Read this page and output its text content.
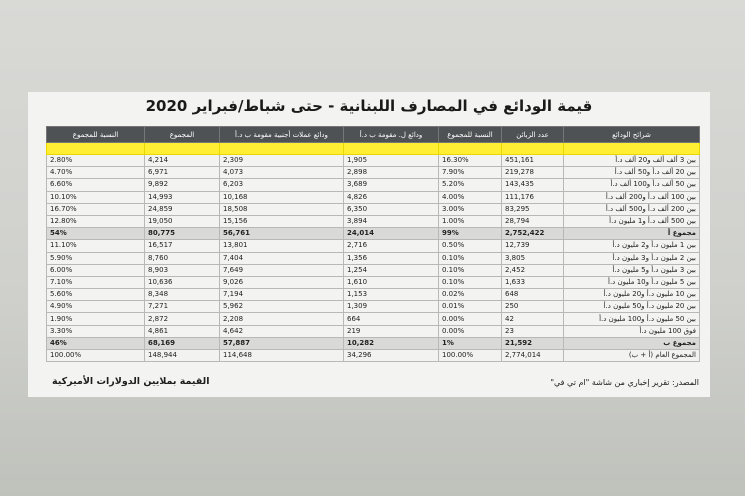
قيمة الودائع في المصارف اللبنانية - حتى شباط/فبراير 2020
شرائح الودائع	عدد الزبائن	النسبة للمجموع	ودائع ل. مقومة ب د.أ	ودائع عملات أجنبية مقومة ب د.أ	المجموع	النسبة للمجموع

بين 3 ألف ألف و20 ألف د.أ	451,161	16.30%	1,905	2,309	4,214	2.80%
بين 20 ألف د.أ و50 ألف د.أ	219,278	7.90%	2,898	4,073	6,971	4.70%
بين 50 ألف د.أ و100 ألف د.أ	143,435	5.20%	3,689	6,203	9,892	6.60%
بين 100 ألف د.أ و200 ألف د.أ	111,176	4.00%	4,826	10,168	14,993	10.10%
بين 200 ألف د.أ و500 ألف د.أ	83,295	3.00%	6,350	18,508	24,859	16.70%
بين 500 ألف د.أ و1 مليون د.أ	28,794	1.00%	3,894	15,156	19,050	12.80%
مجموع أ	2,752,422	99%	24,014	56,761	80,775	54%
بين 1 مليون د.أ و2 مليون د.أ	12,739	0.50%	2,716	13,801	16,517	11.10%
بين 2 مليون د.أ و3 مليون د.أ	3,805	0.10%	1,356	7,404	8,760	5.90%
بين 3 مليون د.أ و5 مليون د.أ	2,452	0.10%	1,254	7,649	8,903	6.00%
بين 5 مليون د.أ و10 مليون د.أ	1,633	0.10%	1,610	9,026	10,636	7.10%
بين 10 مليون د.أ و20 مليون د.أ	648	0.02%	1,153	7,194	8,348	5.60%
بين 20 مليون د.أ و50 مليون د.أ	250	0.01%	1,309	5,962	7,271	4.90%
بين 50 مليون د.أ و100 مليون د.أ	42	0.00%	664	2,208	2,872	1.90%
فوق 100 مليون د.أ	23	0.00%	219	4,642	4,861	3.30%
مجموع ب	21,592	1%	10,282	57,887	68,169	46%
المجموع العام (أ + ب)	2,774,014	100.00%	34,296	114,648	148,944	100.00%
المصدر: تقرير إخباري من شاشة "ام تي في"
القيمة بملايين الدولارات الأميركية
